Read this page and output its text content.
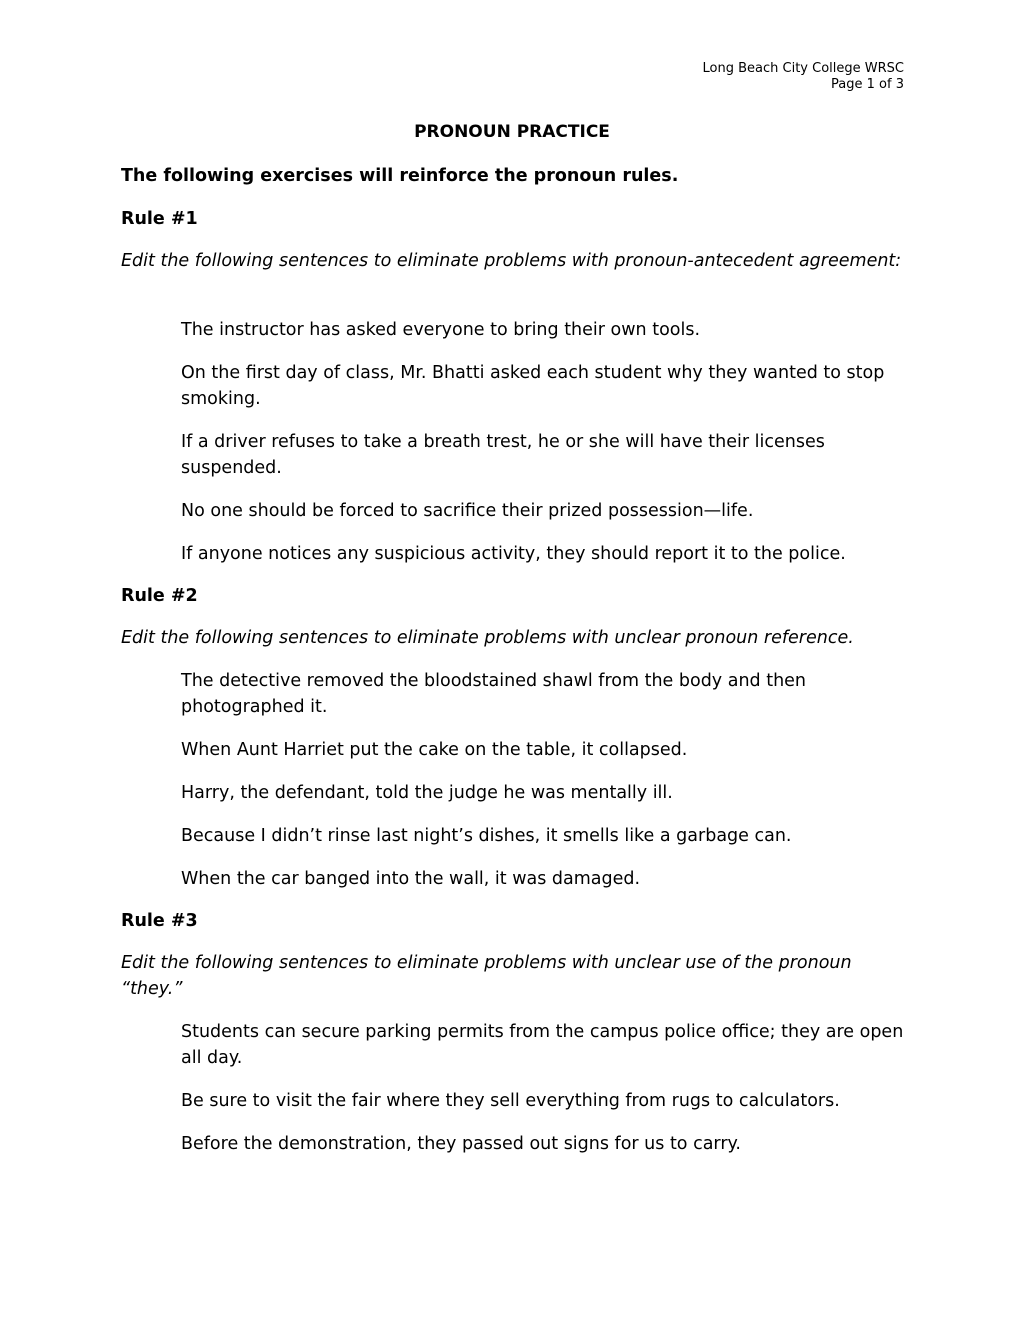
Long Beach City College WRSC
Page 1 of 3
PRONOUN PRACTICE
The following exercises will reinforce the pronoun rules.
Rule #1
Edit the following sentences to eliminate problems with pronoun-antecedent agreement:
The instructor has asked everyone to bring their own tools.
On the first day of class, Mr. Bhatti asked each student why they wanted to stop smoking.
If a driver refuses to take a breath trest, he or she will have their licenses suspended.
No one should be forced to sacrifice their prized possession—life.
If anyone notices any suspicious activity, they should report it to the police.
Rule #2
Edit the following sentences to eliminate problems with unclear pronoun reference.
The detective removed the bloodstained shawl from the body and then photographed it.
When Aunt Harriet put the cake on the table, it collapsed.
Harry, the defendant, told the judge he was mentally ill.
Because I didn’t rinse last night’s dishes, it smells like a garbage can.
When the car banged into the wall, it was damaged.
Rule #3
Edit the following sentences to eliminate problems with unclear use of the pronoun “they.”
Students can secure parking permits from the campus police office; they are open all day.
Be sure to visit the fair where they sell everything from rugs to calculators.
Before the demonstration, they passed out signs for us to carry.
